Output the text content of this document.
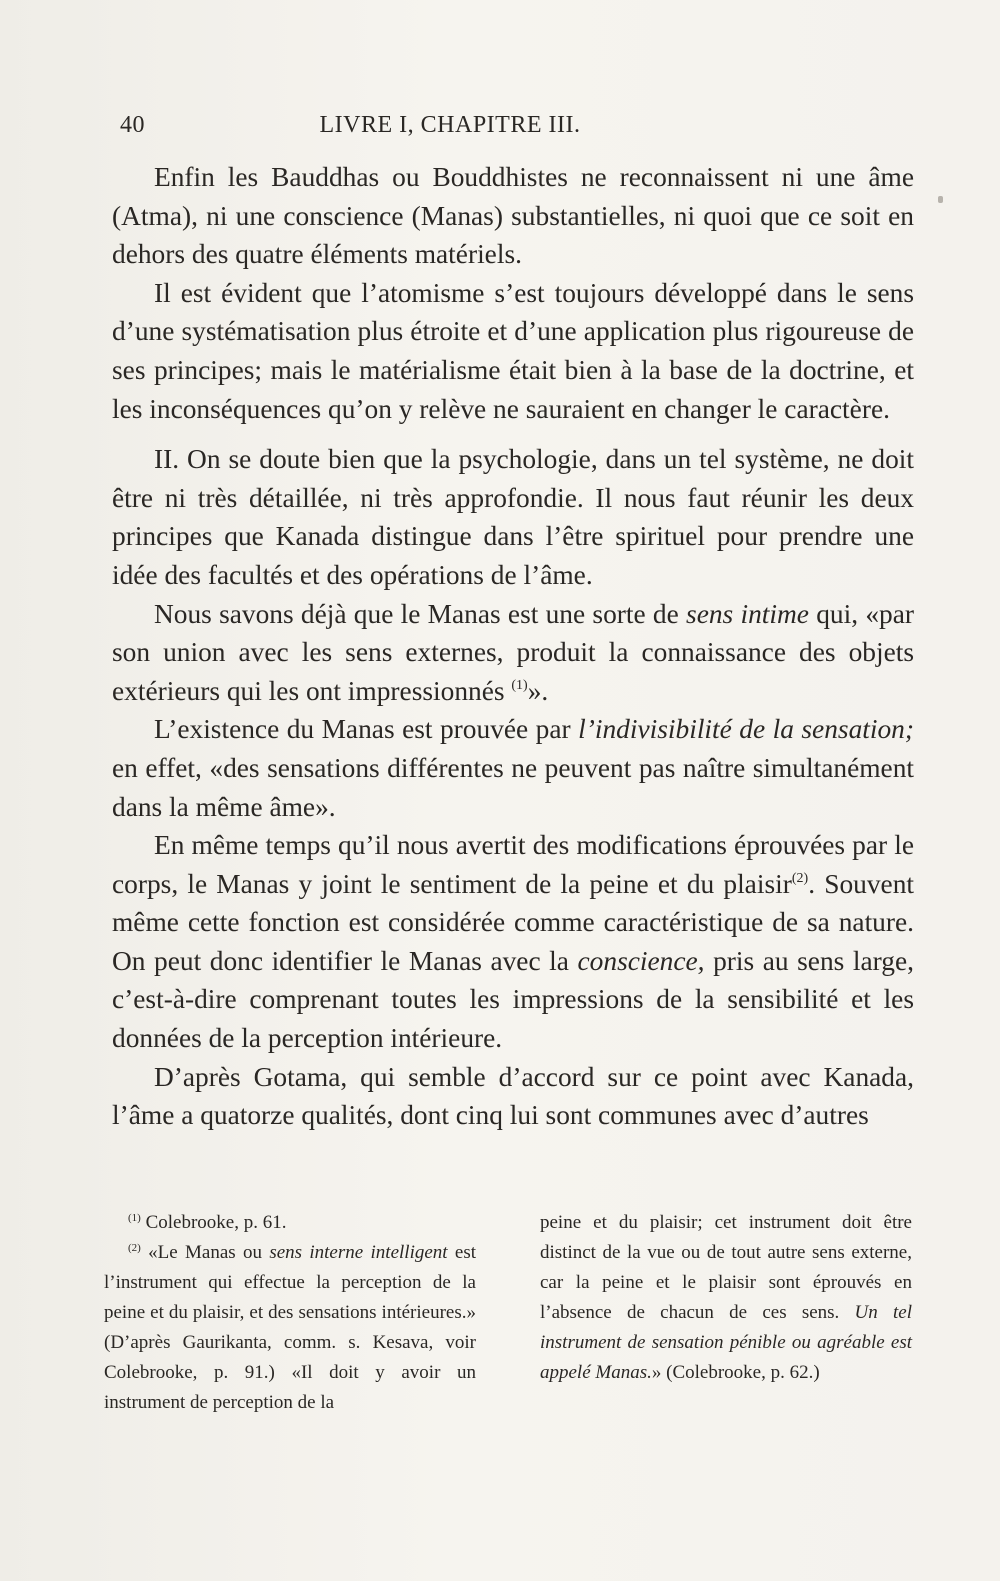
40	LIVRE I, CHAPITRE III.

Enfin les Bauddhas ou Bouddhistes ne reconnaissent ni une âme (Atma), ni une conscience (Manas) substantielles, ni quoi que ce soit en dehors des quatre éléments matériels.

Il est évident que l’atomisme s’est toujours développé dans le sens d’une systématisation plus étroite et d’une application plus rigoureuse de ses principes; mais le matérialisme était bien à la base de la doctrine, et les inconséquences qu’on y relève ne sauraient en changer le caractère.

II. On se doute bien que la psychologie, dans un tel système, ne doit être ni très détaillée, ni très approfondie. Il nous faut réunir les deux principes que Kanada distingue dans l’être spirituel pour prendre une idée des facultés et des opérations de l’âme.

Nous savons déjà que le Manas est une sorte de sens intime qui, «par son union avec les sens externes, produit la connaissance des objets extérieurs qui les ont impressionnés $^{(1)}$».

L’existence du Manas est prouvée par l’indivisibilité de la sensation; en effet, «des sensations différentes ne peuvent pas naître simultanément dans la même âme».

En même temps qu’il nous avertit des modifications éprouvées par le corps, le Manas y joint le sentiment de la peine et du plaisir$^{(2)}$. Souvent même cette fonction est considérée comme caractéristique de sa nature. On peut donc identifier le Manas avec la conscience, pris au sens large, c’est-à-dire comprenant toutes les impressions de la sensibilité et les données de la perception intérieure.

D’après Gotama, qui semble d’accord sur ce point avec Kanada, l’âme a quatorze qualités, dont cinq lui sont communes avec d’autres

$^{(1)}$ Colebrooke, p. 61.

$^{(2)}$ «Le Manas ou sens interne intelligent est l’instrument qui effectue la perception de la peine et du plaisir, et des sensations intérieures.» (D’après Gaurikanta, comm. s. Kesava, voir Colebrooke, p. 91.) «Il doit y avoir un instrument de perception de la

peine et du plaisir; cet instrument doit être distinct de la vue ou de tout autre sens externe, car la peine et le plaisir sont éprouvés en l’absence de chacun de ces sens. Un tel instrument de sensation pénible ou agréable est appelé Manas.» (Colebrooke, p. 62.)
